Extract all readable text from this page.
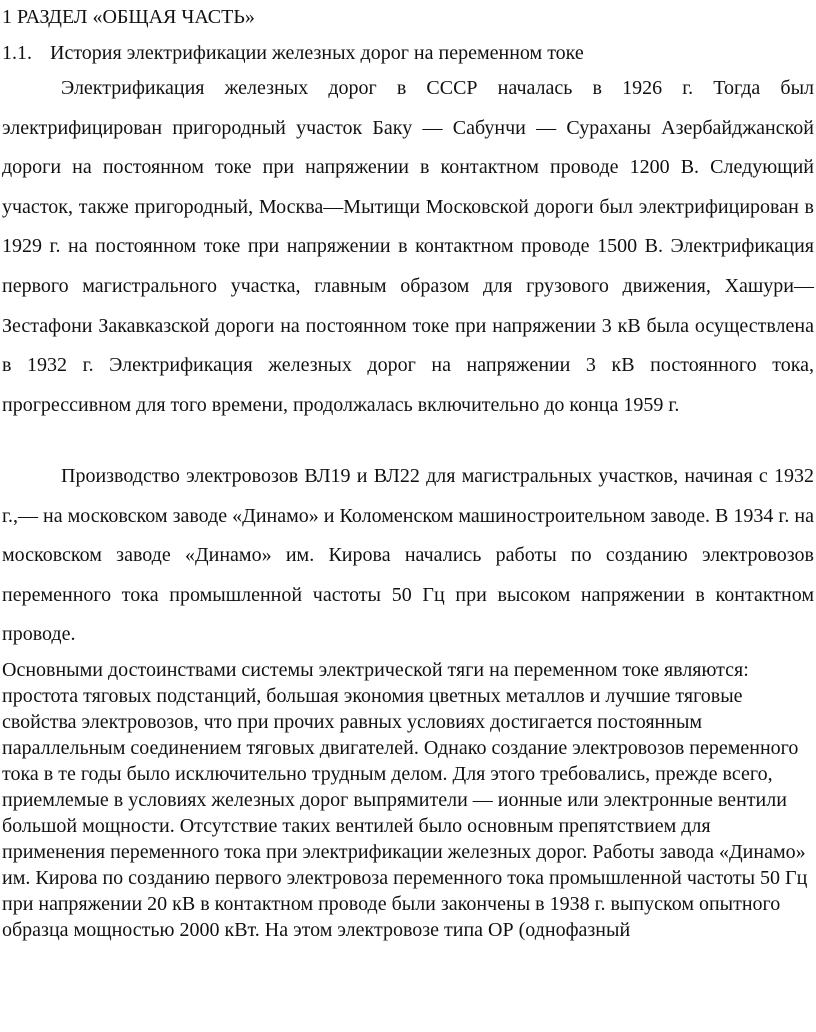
1 РАЗДЕЛ «ОБЩАЯ ЧАСТЬ»
1.1. История электрификации железных дорог на переменном токе

Электрификация железных дорог в СССР началась в 1926 г. Тогда был электрифицирован пригородный участок Баку — Сабунчи — Сураханы Азербайджанской дороги на постоянном токе при напряжении в контактном проводе 1200 В. Следующий участок, также пригородный, Москва—Мытищи Московской дороги был электрифицирован в 1929 г. на постоянном токе при напряжении в контактном проводе 1500 В. Электрификация первого магистрального участка, главным образом для грузового движения, Хашури—Зестафони Закавказской дороги на постоянном токе при напряжении 3 кВ была осуществлена в 1932 г. Электрификация железных дорог на напряжении 3 кВ постоянного тока, прогрессивном для того времени, продолжалась включительно до конца 1959 г.

Производство электровозов ВЛ19 и ВЛ22 для магистральных участков, начиная с 1932 г.,— на московском заводе «Динамо» и Коломенском машиностроительном заводе. В 1934 г. на московском заводе «Динамо» им. Кирова начались работы по созданию электровозов переменного тока промышленной частоты 50 Гц при высоком напряжении в контактном проводе.

Основными достоинствами системы электрической тяги на переменном токе являются: простота тяговых подстанций, большая экономия цветных металлов и лучшие тяговые свойства электровозов, что при прочих равных условиях достигается постоянным параллельным соединением тяговых двигателей. Однако создание электровозов переменного тока в те годы было исключительно трудным делом. Для этого требовались, прежде всего, приемлемые в условиях железных дорог выпрямители — ионные или электронные вентили большой мощности. Отсутствие таких вентилей было основным препятствием для применения переменного тока при электрификации железных дорог. Работы завода «Динамо» им. Кирова по созданию первого электровоза переменного тока промышленной частоты 50 Гц при напряжении 20 кВ в контактном проводе были закончены в 1938 г. выпуском опытного образца мощностью 2000 кВт. На этом электровозе типа ОР (однофазный
